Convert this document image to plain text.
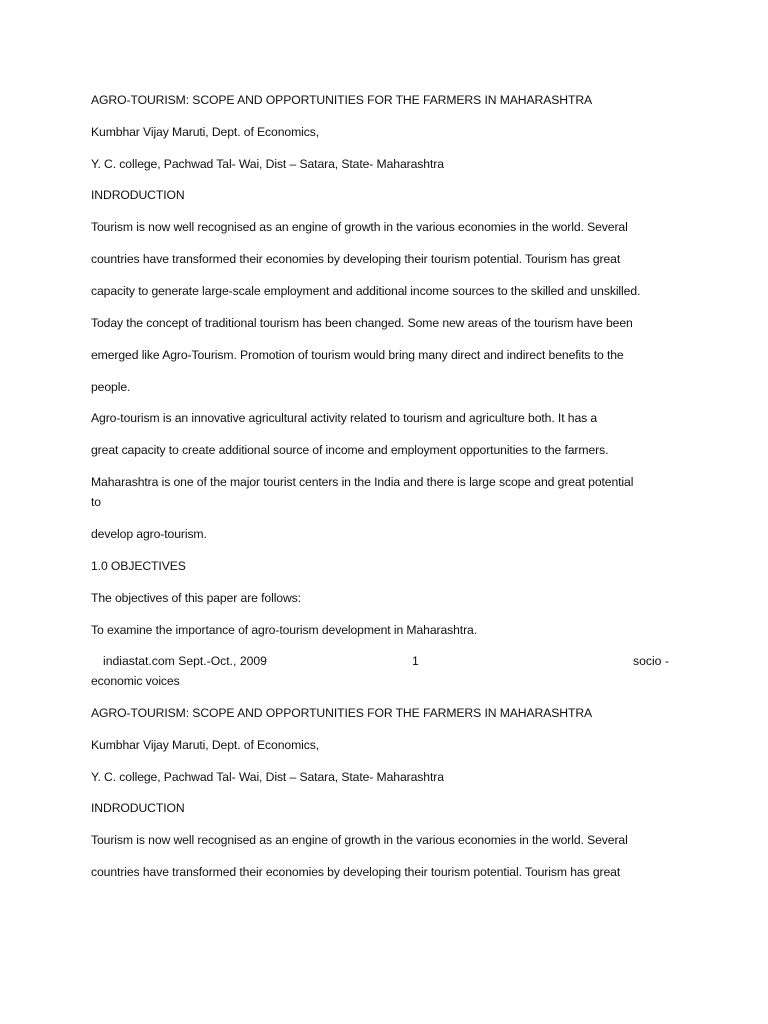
AGRO-TOURISM: SCOPE AND OPPORTUNITIES FOR THE FARMERS IN MAHARASHTRA
Kumbhar Vijay Maruti, Dept. of Economics,
Y. C. college, Pachwad Tal- Wai, Dist – Satara, State- Maharashtra
INDRODUCTION
Tourism is now well recognised as an engine of growth in the various economies in the world. Several
countries have transformed their economies by developing their tourism potential. Tourism has great
capacity to generate large-scale employment and additional income sources to the skilled and unskilled.
Today the concept of traditional tourism has been changed. Some new areas of the tourism have been
emerged like Agro-Tourism. Promotion of tourism would bring many direct and indirect benefits to the
people.
Agro-tourism is an innovative agricultural activity related to tourism and agriculture both. It has a
great capacity to create additional source of income and employment opportunities to the farmers.
Maharashtra is one of the major tourist centers in the India and there is large scope and great potential
to
develop agro-tourism.
1.0 OBJECTIVES
The objectives of this paper are follows:
To examine the importance of agro-tourism development in Maharashtra.
indiastat.com Sept.-Oct., 2009	1	socio -
economic voices
AGRO-TOURISM: SCOPE AND OPPORTUNITIES FOR THE FARMERS IN MAHARASHTRA
Kumbhar Vijay Maruti, Dept. of Economics,
Y. C. college, Pachwad Tal- Wai, Dist – Satara, State- Maharashtra
INDRODUCTION
Tourism is now well recognised as an engine of growth in the various economies in the world. Several
countries have transformed their economies by developing their tourism potential. Tourism has great
